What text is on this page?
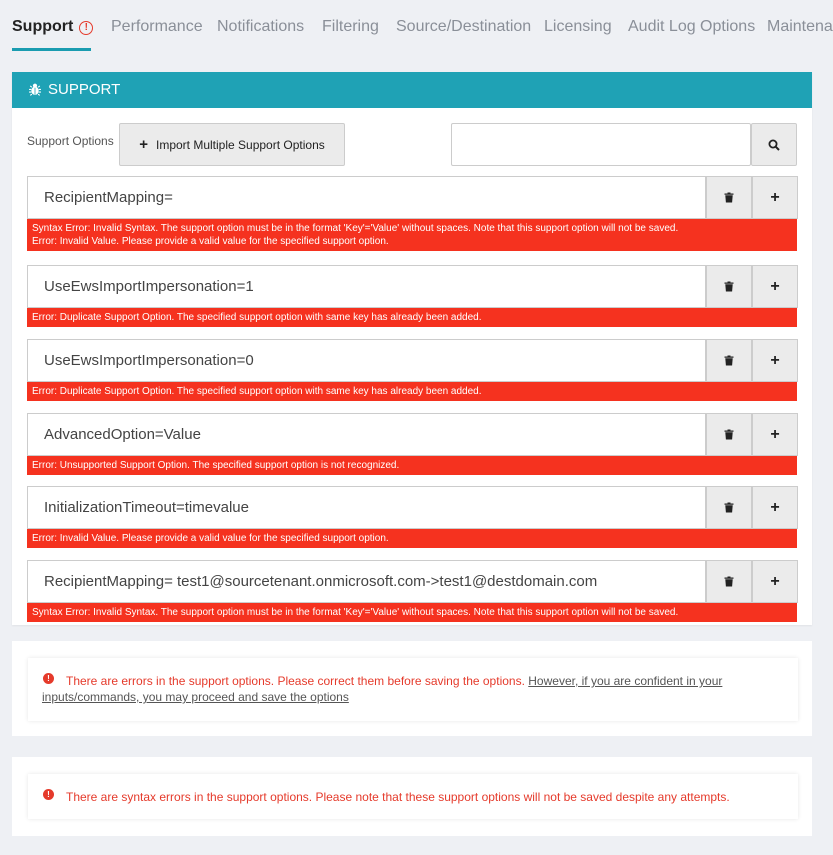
Support !	Performance Notifications Filtering Source/Destination Licensing Audit Log Options Maintena
SUPPORT
Support Options	+ Import Multiple Support Options
RecipientMapping=
+
Syntax Error: Invalid Syntax. The support option must be in the format 'Key'='Value' without spaces. Note that this support option will not be saved.
Error: Invalid Value. Please provide a valid value for the specified support option.
UseEwsImportImpersonation=1
+
Error: Duplicate Support Option. The specified support option with same key has already been added.
UseEwsImportImpersonation=0
+
Error: Duplicate Support Option. The specified support option with same key has already been added.
AdvancedOption=Value
+
Error: Unsupported Support Option. The specified support option is not recognized.
InitializationTimeout=timevalue
+
Error: Invalid Value. Please provide a valid value for the specified support option.
RecipientMapping= test1@sourcetenant.onmicrosoft.com->test1@destdomain.com
+
Syntax Error: Invalid Syntax. The support option must be in the format 'Key'='Value' without spaces. Note that this support option will not be saved.
!	There are errors in the support options. Please correct them before saving the options. However, if you are confident in your inputs/commands, you may proceed and save the options
!	There are syntax errors in the support options. Please note that these support options will not be saved despite any attempts.
